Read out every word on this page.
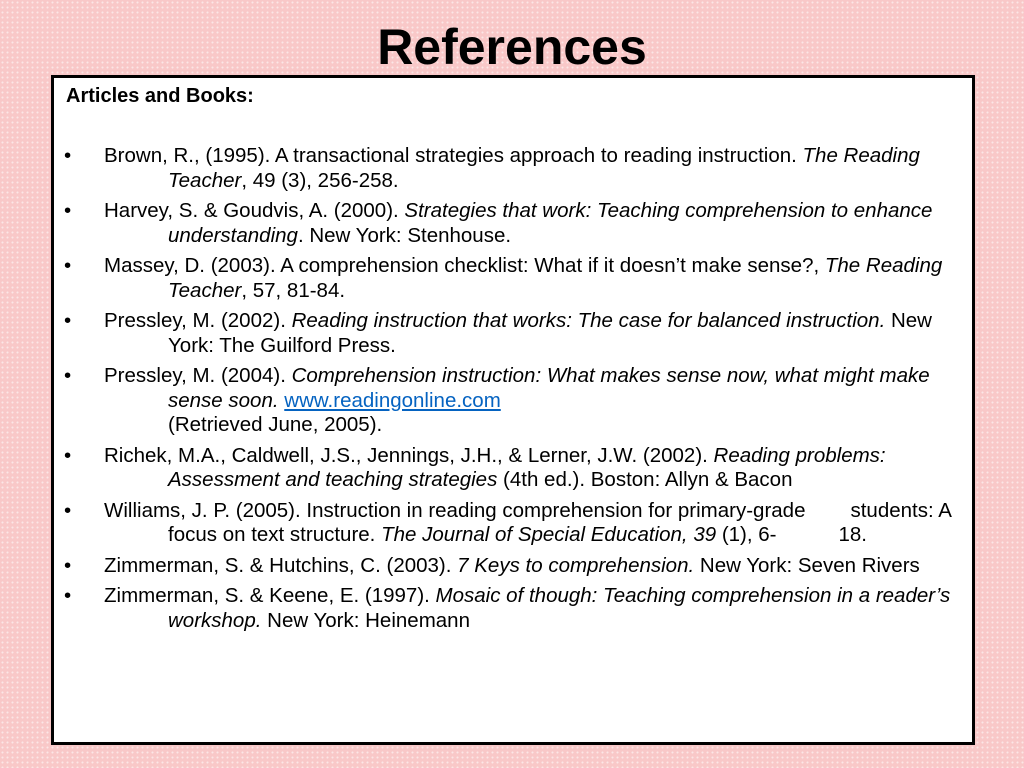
References

Articles and Books:

•	Brown, R., (1995). A transactional strategies approach to reading instruction. The Reading Teacher, 49 (3), 256-258.
•	Harvey, S. & Goudvis, A. (2000). Strategies that work: Teaching comprehension to enhance understanding. New York: Stenhouse.
•	Massey, D. (2003). A comprehension checklist: What if it doesn’t make sense?, The Reading Teacher, 57, 81-84.
•	Pressley, M. (2002). Reading instruction that works: The case for balanced instruction. New York: The Guilford Press.
•	Pressley, M. (2004). Comprehension instruction: What makes sense now, what might make sense soon. www.readingonline.com
(Retrieved June, 2005).
•	Richek, M.A., Caldwell, J.S., Jennings, J.H., & Lerner, J.W. (2002). Reading problems: Assessment and teaching strategies (4th ed.). Boston: Allyn & Bacon
•	Williams, J. P. (2005). Instruction in reading comprehension for primary-grade students: A focus on text structure. The Journal of Special Education, 39 (1), 6-	18.
•	Zimmerman, S. & Hutchins, C. (2003). 7 Keys to comprehension. New York: Seven Rivers
•	Zimmerman, S. & Keene, E. (1997). Mosaic of though: Teaching comprehension in a reader’s workshop. New York: Heinemann
